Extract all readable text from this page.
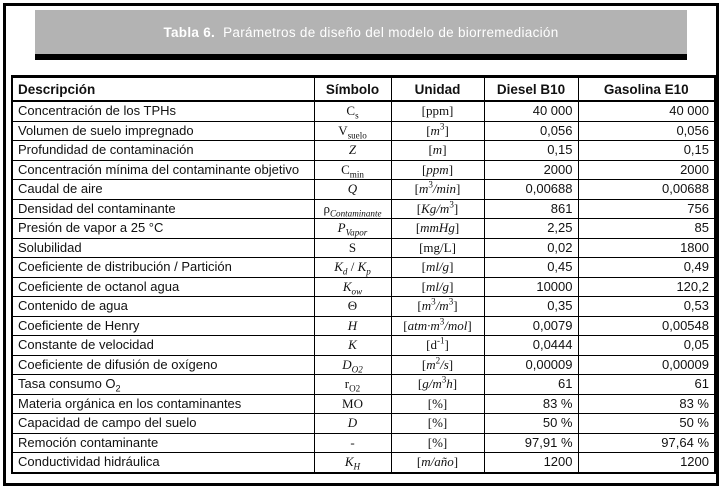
Tabla 6. Parámetros de diseño del modelo de biorremediación
Descripción	Símbolo	Unidad	Diesel B10	Gasolina E10
Concentración de los TPHs	$C_s$	[ppm]	40 000	40 000
Volumen de suelo impregnado	$V_{suelo}$	$[m^3]$	0,056	0,056
Profundidad de contaminación	Z	[m]	0,15	0,15
Concentración mínima del contaminante objetivo	$C_{min}$	[ppm]	2000	2000
Caudal de aire	Q	$[m^3/\min]$	0,00688	0,00688
Densidad del contaminante	$\rho_{Contaminante}$	$[Kg/m^3]$	861	756
Presión de vapor a 25 °C	$P_{Vapor}$	[mmHg]	2,25	85
Solubilidad	S	[mg/L]	0,02	1800
Coeficiente de distribución / Partición	$K_d / K_p$	[ml/g]	0,45	0,49
Coeficiente de octanol agua	$K_{ow}$	[ml/g]	10000	120,2
Contenido de agua	Θ	$[m^3/m^3]$	0,35	0,53
Coeficiente de Henry	H	$[atm\cdot m^3/mol]$	0,0079	0,00548
Constante de velocidad	K	$[d^{-1}]$	0,0444	0,05
Coeficiente de difusión de oxígeno	$D_{O2}$	$[m^2/s]$	0,00009	0,00009
Tasa consumo $O_2$	$r_{O2}$	$[g/m^3h]$	61	61
Materia orgánica en los contaminantes	MO	[%]	83 %	83 %
Capacidad de campo del suelo	D	[%]	50 %	50 %
Remoción contaminante	-	[%]	97,91 %	97,64 %
Conductividad hidráulica	$K_H$	[m/año]	1200	1200
